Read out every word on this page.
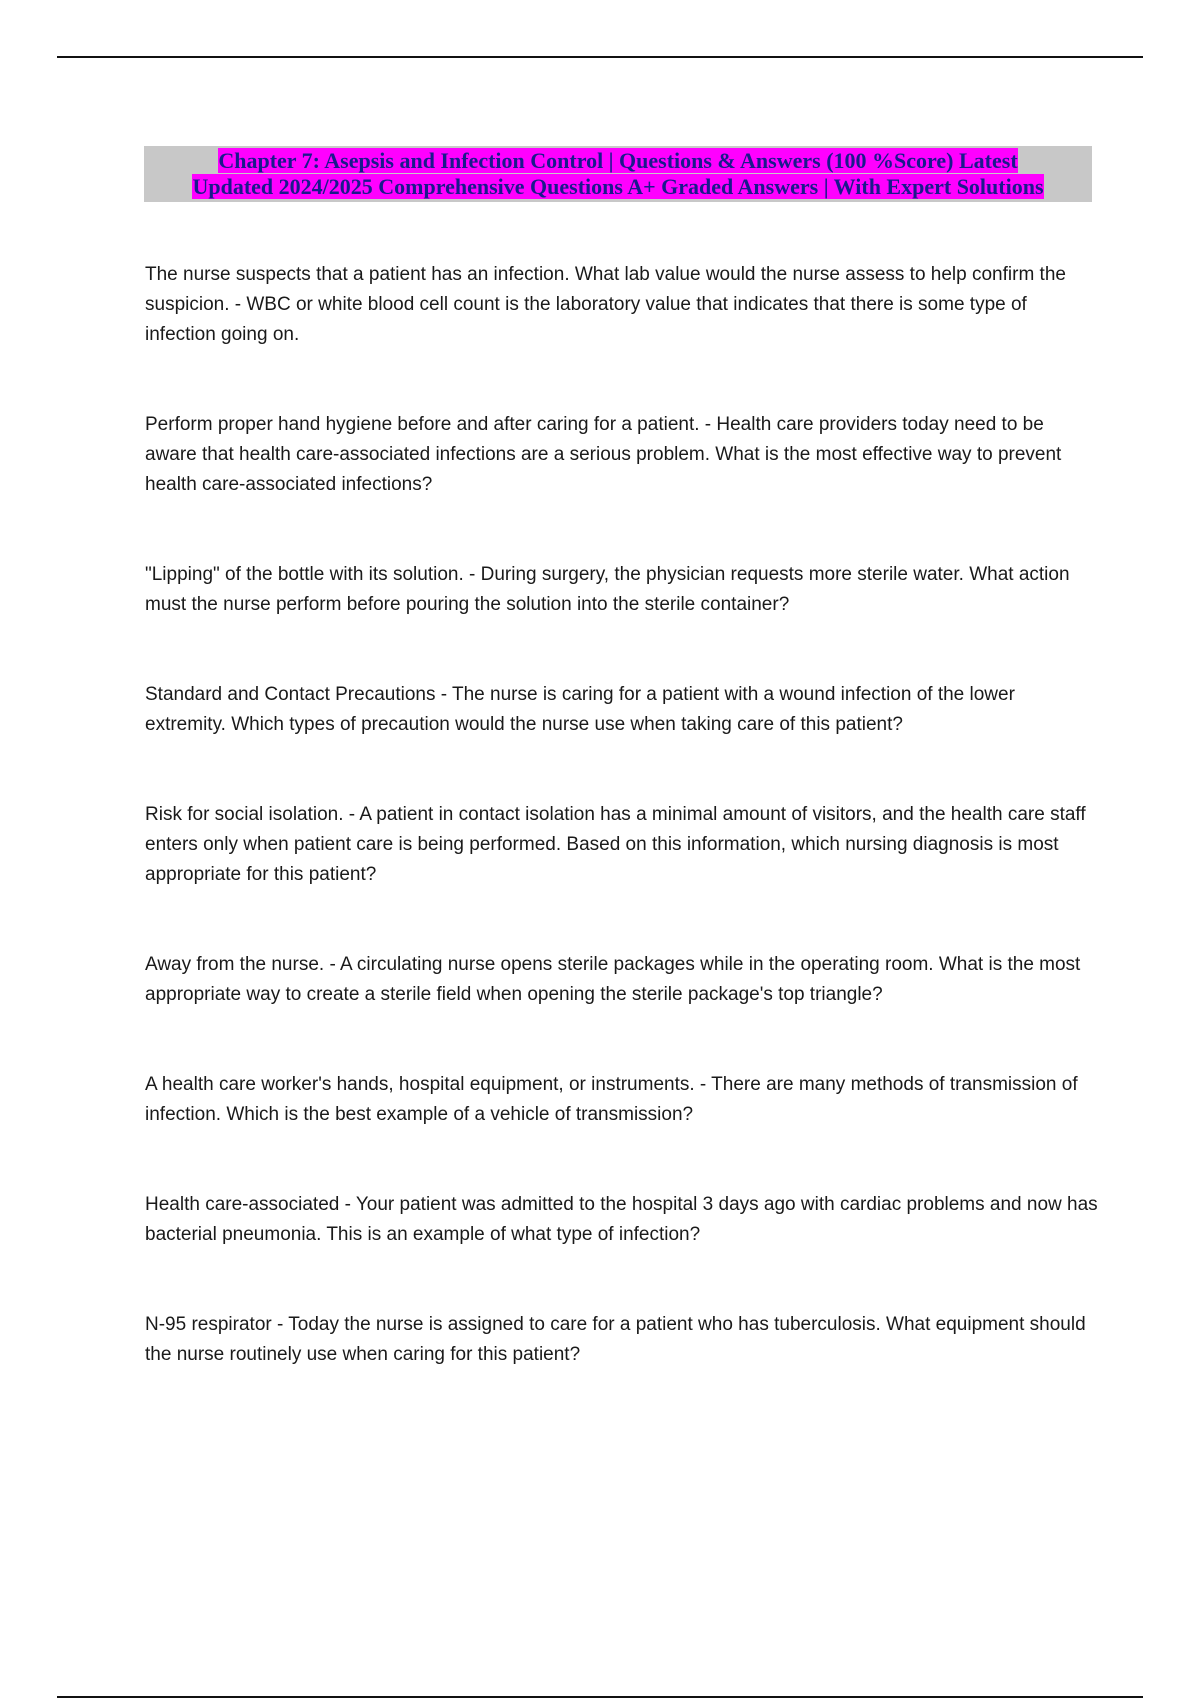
Chapter 7: Asepsis and Infection Control | Questions & Answers (100 %Score) Latest
Updated 2024/2025 Comprehensive Questions A+ Graded Answers | With Expert Solutions

The nurse suspects that a patient has an infection. What lab value would the nurse assess to help confirm the suspicion. - WBC or white blood cell count is the laboratory value that indicates that there is some type of infection going on.

Perform proper hand hygiene before and after caring for a patient. - Health care providers today need to be aware that health care-associated infections are a serious problem. What is the most effective way to prevent health care-associated infections?

"Lipping" of the bottle with its solution. - During surgery, the physician requests more sterile water. What action must the nurse perform before pouring the solution into the sterile container?

Standard and Contact Precautions - The nurse is caring for a patient with a wound infection of the lower extremity. Which types of precaution would the nurse use when taking care of this patient?

Risk for social isolation. - A patient in contact isolation has a minimal amount of visitors, and the health care staff enters only when patient care is being performed. Based on this information, which nursing diagnosis is most appropriate for this patient?

Away from the nurse. - A circulating nurse opens sterile packages while in the operating room. What is the most appropriate way to create a sterile field when opening the sterile package's top triangle?

A health care worker's hands, hospital equipment, or instruments. - There are many methods of transmission of infection. Which is the best example of a vehicle of transmission?

Health care-associated - Your patient was admitted to the hospital 3 days ago with cardiac problems and now has bacterial pneumonia. This is an example of what type of infection?

N-95 respirator - Today the nurse is assigned to care for a patient who has tuberculosis. What equipment should the nurse routinely use when caring for this patient?
